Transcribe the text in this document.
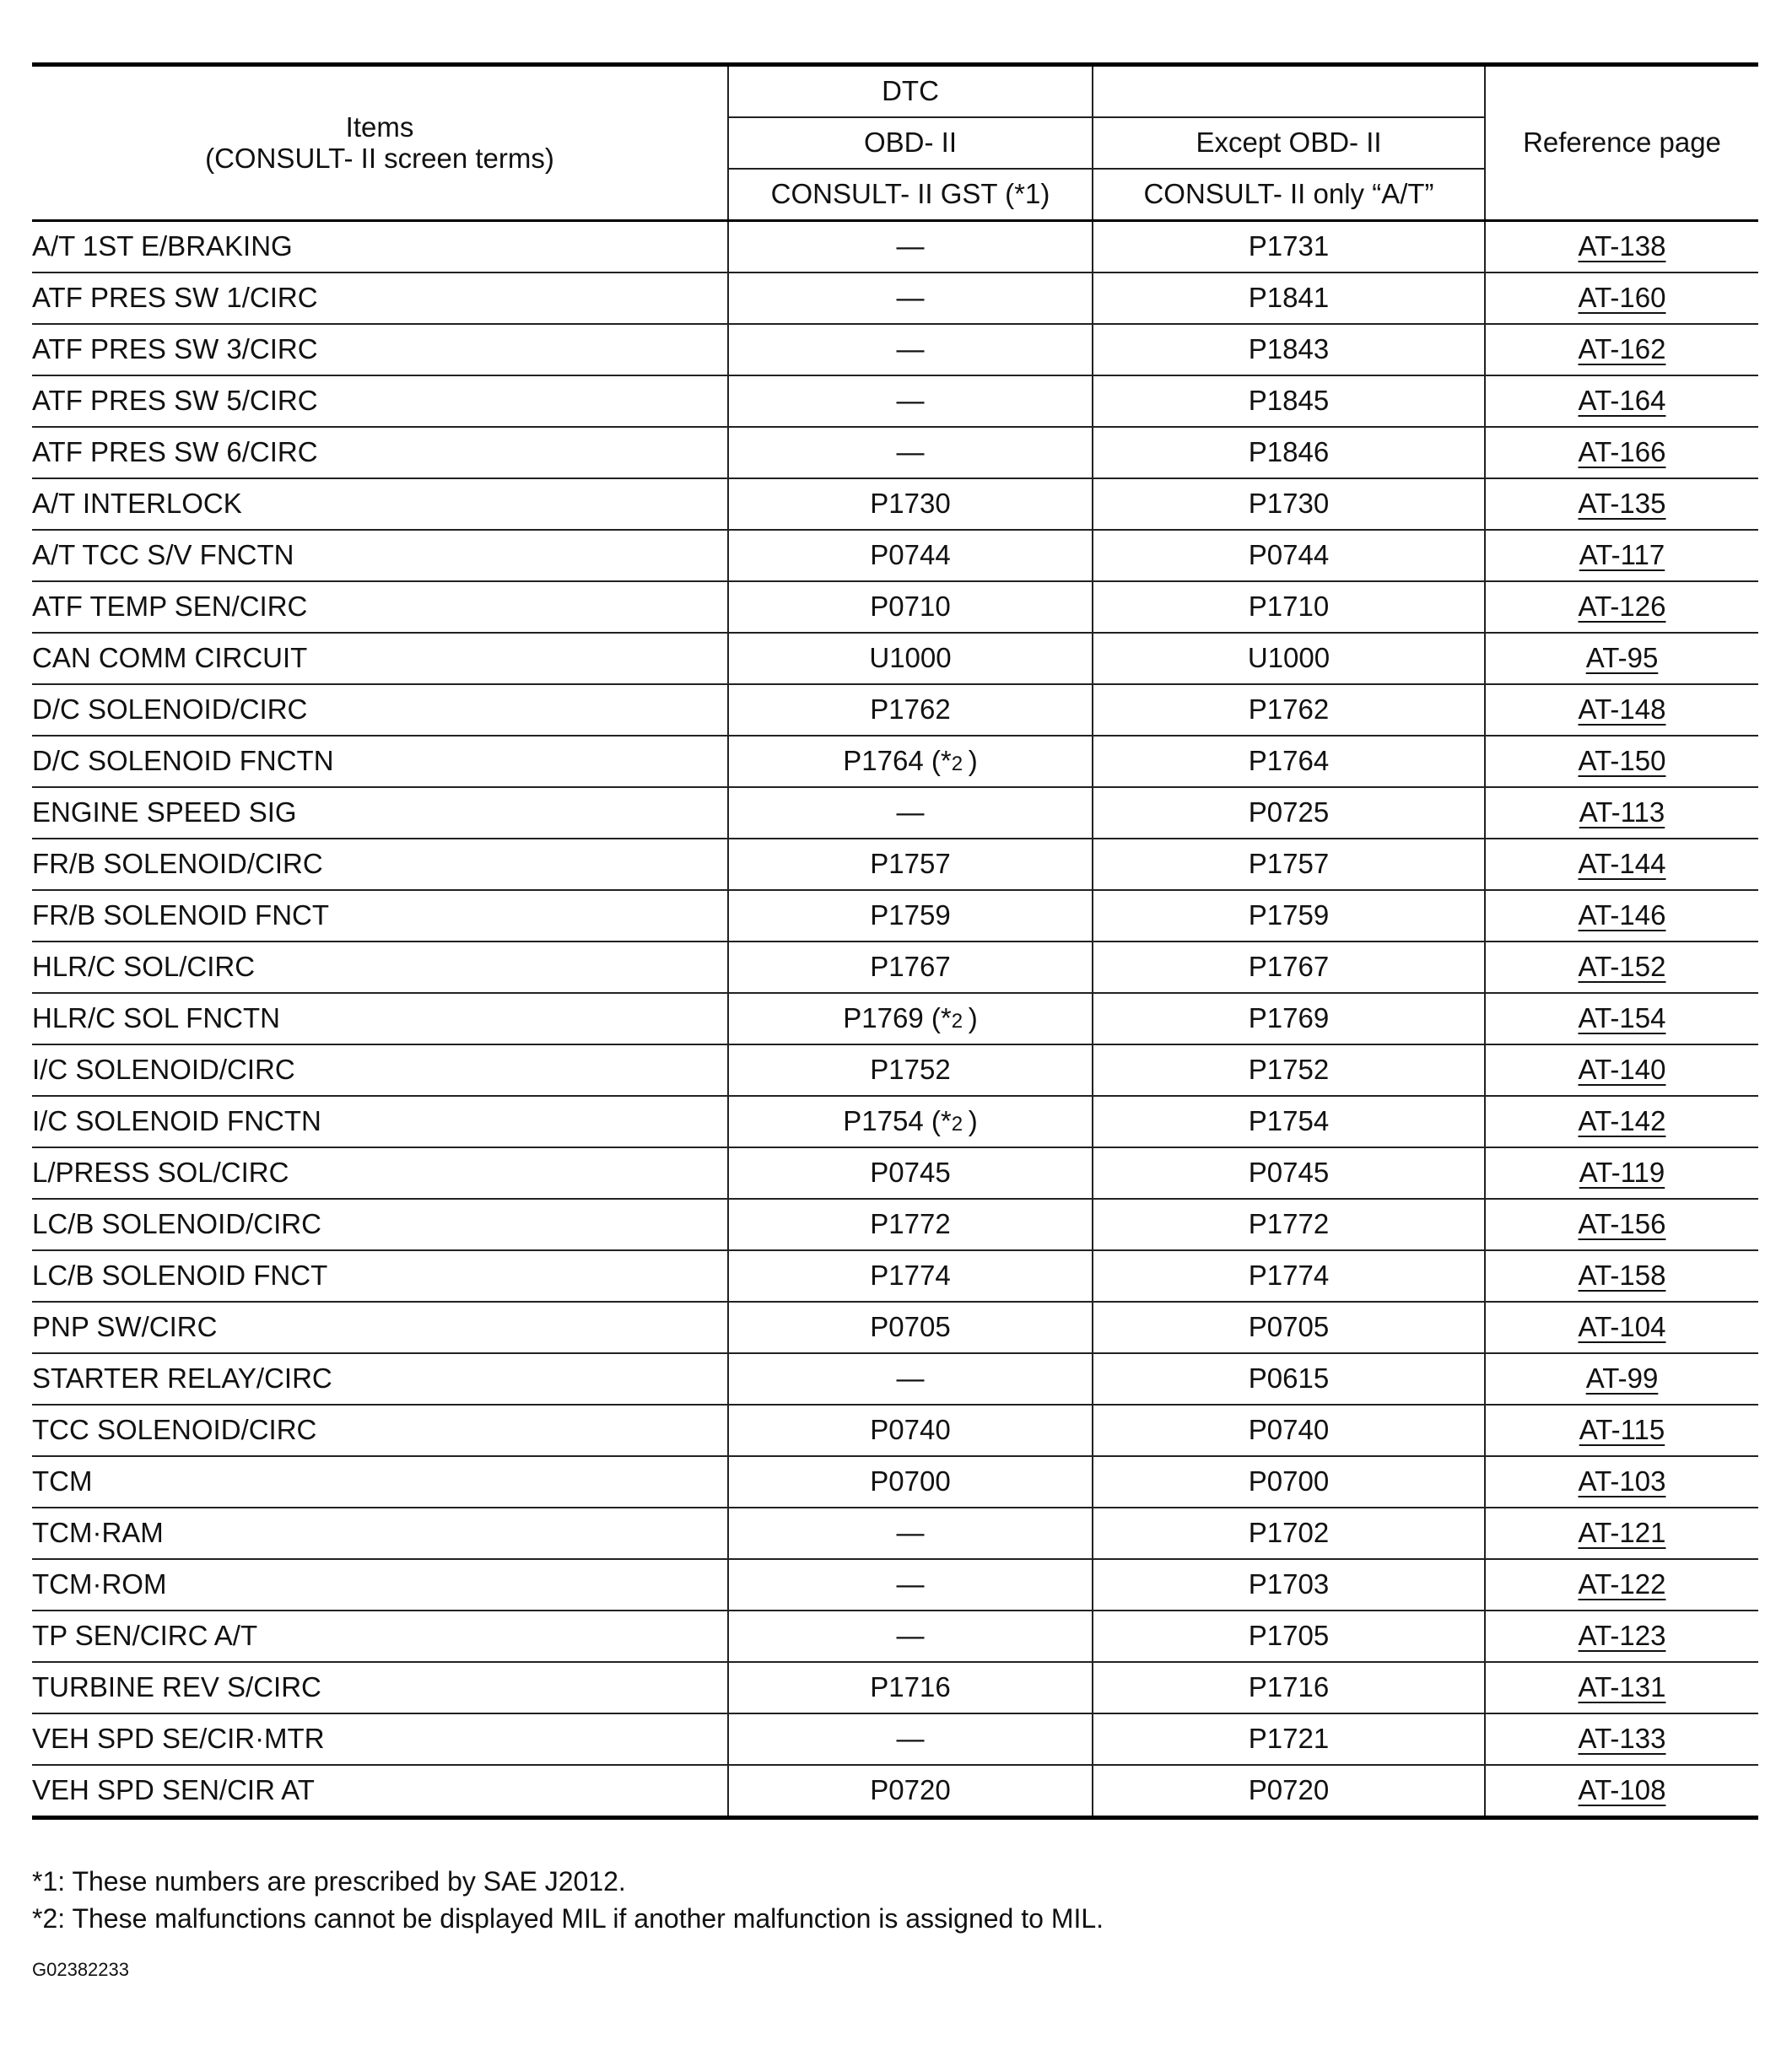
Items
(CONSULT- II screen terms)	DTC		Reference page
	OBD- II	Except OBD- II	
	CONSULT- II GST (*1)	CONSULT- II only “A/T”	
A/T 1ST E/BRAKING	—	P1731	AT-138
ATF PRES SW 1/CIRC	—	P1841	AT-160
ATF PRES SW 3/CIRC	—	P1843	AT-162
ATF PRES SW 5/CIRC	—	P1845	AT-164
ATF PRES SW 6/CIRC	—	P1846	AT-166
A/T INTERLOCK	P1730	P1730	AT-135
A/T TCC S/V FNCTN	P0744	P0744	AT-117
ATF TEMP SEN/CIRC	P0710	P1710	AT-126
CAN COMM CIRCUIT	U1000	U1000	AT-95
D/C SOLENOID/CIRC	P1762	P1762	AT-148
D/C SOLENOID FNCTN	P1764 (*2 )	P1764	AT-150
ENGINE SPEED SIG	—	P0725	AT-113
FR/B SOLENOID/CIRC	P1757	P1757	AT-144
FR/B SOLENOID FNCT	P1759	P1759	AT-146
HLR/C SOL/CIRC	P1767	P1767	AT-152
HLR/C SOL FNCTN	P1769 (*2 )	P1769	AT-154
I/C SOLENOID/CIRC	P1752	P1752	AT-140
I/C SOLENOID FNCTN	P1754 (*2 )	P1754	AT-142
L/PRESS SOL/CIRC	P0745	P0745	AT-119
LC/B SOLENOID/CIRC	P1772	P1772	AT-156
LC/B SOLENOID FNCT	P1774	P1774	AT-158
PNP SW/CIRC	P0705	P0705	AT-104
STARTER RELAY/CIRC	—	P0615	AT-99
TCC SOLENOID/CIRC	P0740	P0740	AT-115
TCM	P0700	P0700	AT-103
TCM·RAM	—	P1702	AT-121
TCM·ROM	—	P1703	AT-122
TP SEN/CIRC A/T	—	P1705	AT-123
TURBINE REV S/CIRC	P1716	P1716	AT-131
VEH SPD SE/CIR·MTR	—	P1721	AT-133
VEH SPD SEN/CIR AT	P0720	P0720	AT-108
*1: These numbers are prescribed by SAE J2012.
*2: These malfunctions cannot be displayed MIL if another malfunction is assigned to MIL.
G02382233
